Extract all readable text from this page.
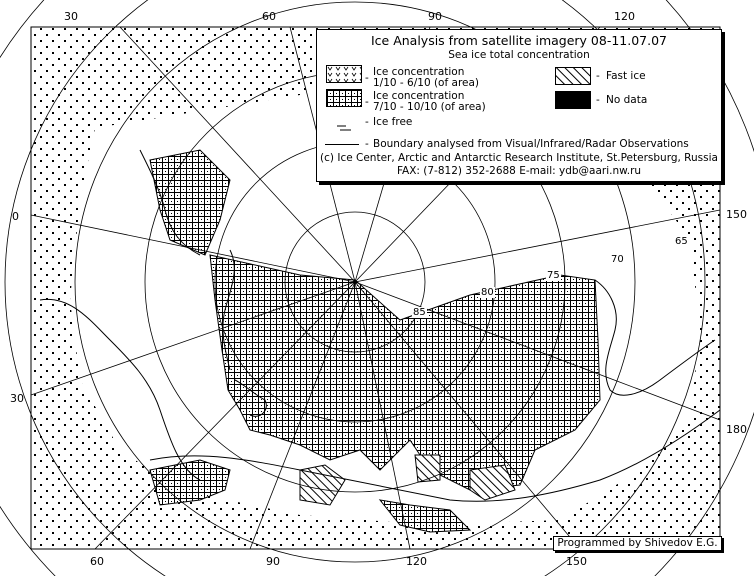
30	60	90	120
60	90	120	150
0
30
150
180
85
80
75
70
65
Ice Analysis from satellite imagery 08-11.07.07
Sea ice total concentration
- Ice concentration
1/10 - 6/10 (of area)
- Ice concentration
7/10 - 10/10 (of area)
- Fast ice
- No data
- Ice free
- Boundary analysed from Visual/Infrared/Radar Observations
(c) Ice Center, Arctic and Antarctic Research Institute, St.Petersburg, Russia
FAX: (7-812) 352-2688 E-mail: ydb@aari.nw.ru
Programmed by Shivedov E.G.
